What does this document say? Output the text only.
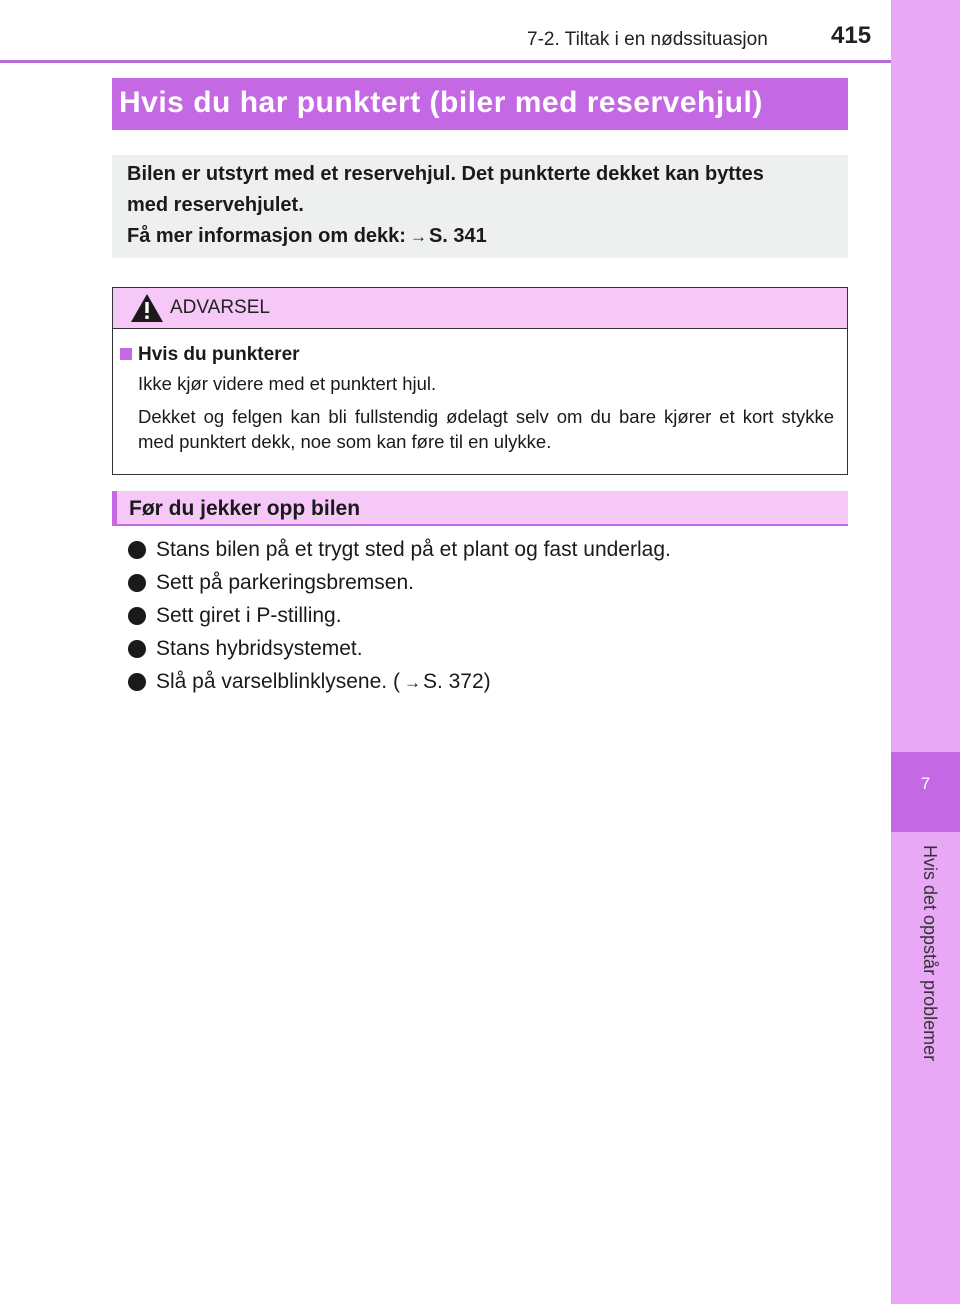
7-2. Tiltak i en nødssituasjon	415
7
Hvis det oppstår problemer
Hvis du har punktert (biler med reservehjul)
Bilen er utstyrt med et reservehjul. Det punkterte dekket kan byttes
med reservehjulet.
Få mer informasjon om dekk: → S. 341
ADVARSEL
Hvis du punkterer
Ikke kjør videre med et punktert hjul.
Dekket og felgen kan bli fullstendig ødelagt selv om du bare kjører et kort stykke med punktert dekk, noe som kan føre til en ulykke.
Før du jekker opp bilen
Stans bilen på et trygt sted på et plant og fast underlag.
Sett på parkeringsbremsen.
Sett giret i P-stilling.
Stans hybridsystemet.
Slå på varselblinklysene. ( →S. 372)
